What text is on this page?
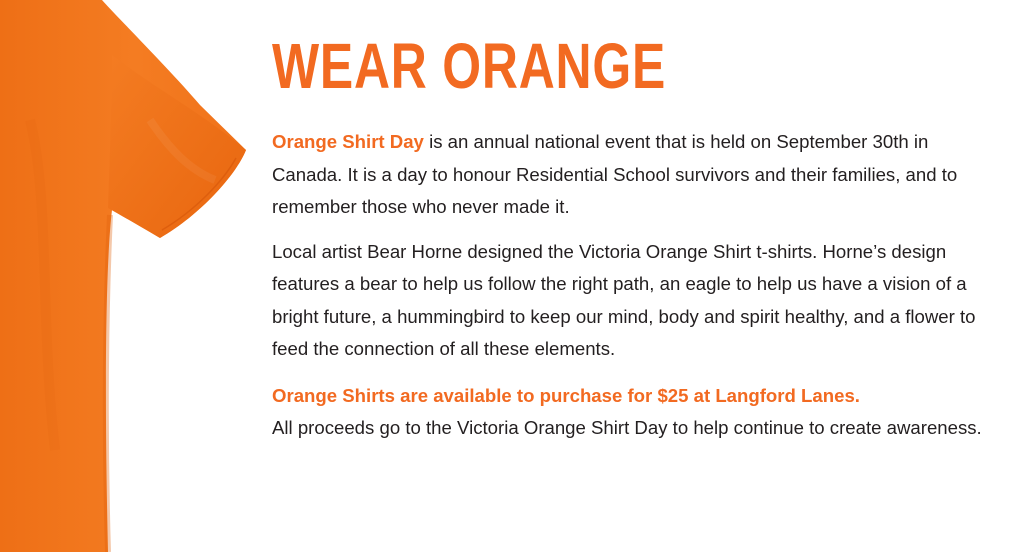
WEAR ORANGE

Orange Shirt Day is an annual national event that is held on September 30th in Canada. It is a day to honour Residential School survivors and their families, and to remember those who never made it.

Local artist Bear Horne designed the Victoria Orange Shirt t-shirts. Horne’s design features a bear to help us follow the right path, an eagle to help us have a vision of a bright future, a hummingbird to keep our mind, body and spirit healthy, and a flower to feed the connection of all these elements.

Orange Shirts are available to purchase for $25 at Langford Lanes.
All proceeds go to the Victoria Orange Shirt Day to help continue to create awareness.
